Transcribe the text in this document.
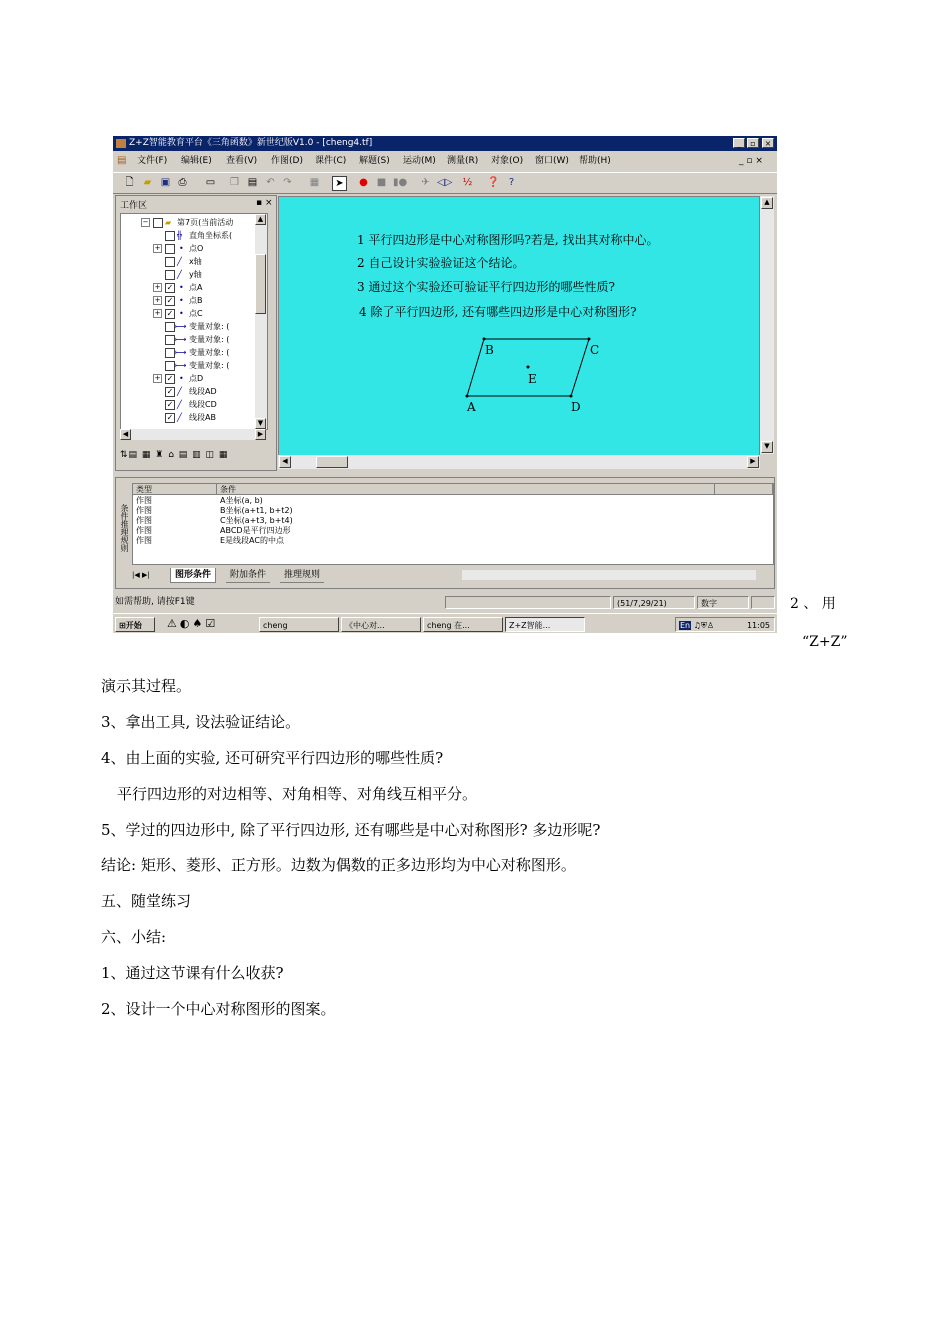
Z+Z智能教育平台《三角函数》新世纪版V1.0 - [cheng4.tf]	_	▫	×
▤ 文件(F) 编辑(E) 查看(V) 作图(D) 课件(C) 解题(S) 运动(M) 测量(R) 对象(O) 窗口(W) 帮助(H)	_ ▫ ×
🗋 ▰ ▣ ⎙ ▭ ❐ ▤ ↶ ↷ ▦	➤	● ■ ▮● ✈ ◁▷ ½ ❓ ?
工作区	▪ ×
− ▰ 第7页(当前活动
╬ 直角坐标系(
+ • 点O
╱ x轴
╱ y轴
+ ✓ • 点A
+ ✓ • 点B
+ ✓ • 点C
⟼ 变量对象: (
⟼ 变量对象: (
⟼ 变量对象: (
⟼ 变量对象: (
+ ✓ • 点D
✓ ╱ 线段AD
✓ ╱ 线段CD
✓ ╱ 线段AB
▲
▼
◀	▶
⇅▤ ▦ ♜ ⌂ ▤ ▥ ◫ ▦
1 平行四边形是中心对称图形吗?若是, 找出其对称中心。
2 自己设计实验验证这个结论。
3 通过这个实验还可验证平行四边形的哪些性质?
4 除了平行四边形, 还有哪些四边形是中心对称图形?
A
B	C
D
E
▲
▼
◀	▶
条件推理规则
类型	条件
作图	A坐标(a, b)
作图	B坐标(a+t1, b+t2)
作图	C坐标(a+t3, b+t4)
作图	ABCD是平行四边形
作图	E是线段AC的中点
|◀ ▶|	图形条件	附加条件	推理规则
如需帮助, 请按F1键	(51/7,29/21)	数字
⊞开始	⚠◐♠☑	cheng	《中心对...	cheng 在...	Z+Z智能...	En ♫⛨♙	11:05
2 、 用
“Z+Z”
演示其过程。
3、拿出工具, 设法验证结论。
4、由上面的实验, 还可研究平行四边形的哪些性质?
平行四边形的对边相等、对角相等、对角线互相平分。
5、学过的四边形中, 除了平行四边形, 还有哪些是中心对称图形? 多边形呢?
结论: 矩形、菱形、正方形。边数为偶数的正多边形均为中心对称图形。
五、随堂练习
六、小结:
1、通过这节课有什么收获?
2、设计一个中心对称图形的图案。
